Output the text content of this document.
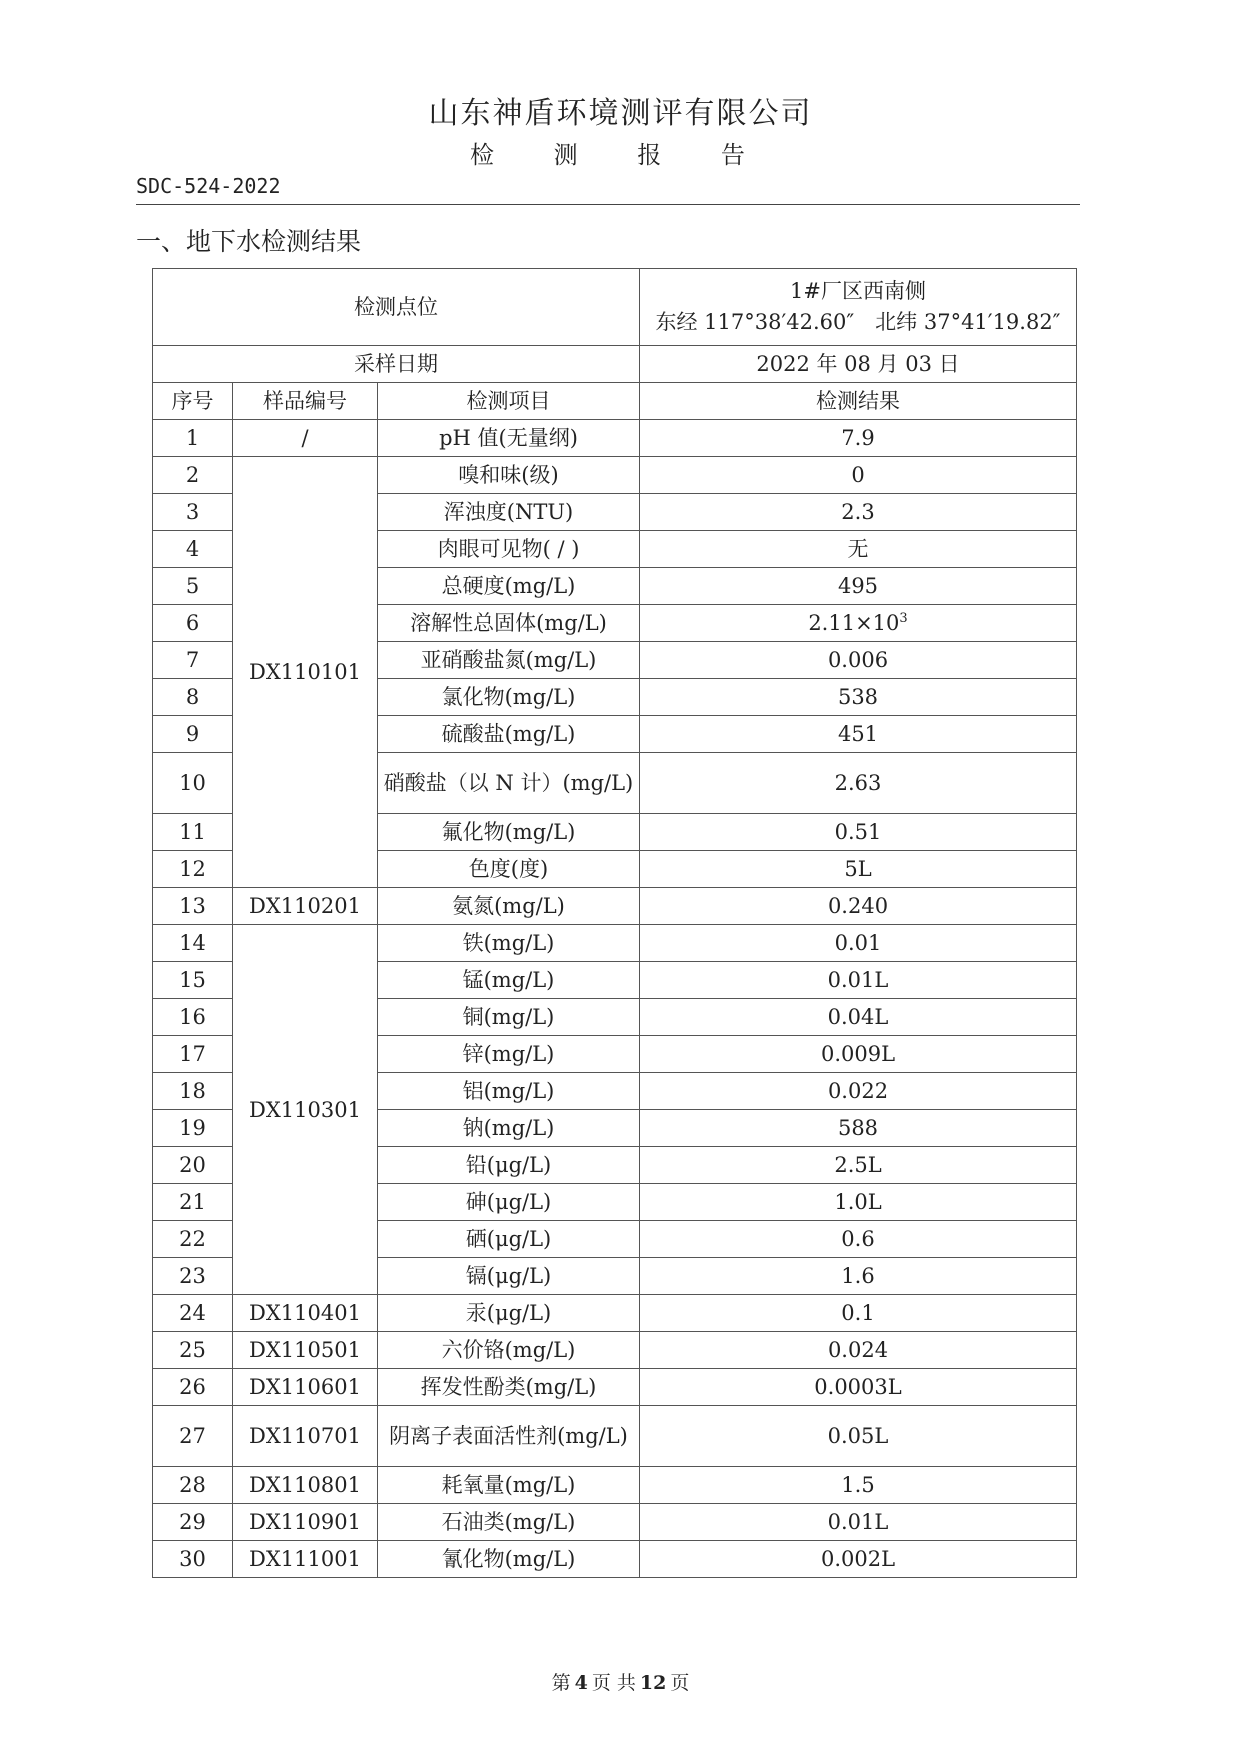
山东神盾环境测评有限公司
检 测 报 告
SDC-524-2022
一、地下水检测结果
检测点位			1#厂区西南侧
东经 117°38′42.60″　北纬 37°41′19.82″

采样日期			2022 年 08 月 03 日
序号	样品编号	检测项目	检测结果
1	/	pH 值(无量纲)	7.9
2	DX110101	嗅和味(级)	0
3		浑浊度(NTU)	2.3
4		肉眼可见物( / )	无
5		总硬度(mg/L)	495
6		溶解性总固体(mg/L)	$2.11\times 10^3$
7		亚硝酸盐氮(mg/L)	0.006
8		氯化物(mg/L)	538
9		硫酸盐(mg/L)	451
10		硝酸盐（以 N 计）(mg/L)	2.63
11		氟化物(mg/L)	0.51
12		色度(度)	5L
13	DX110201	氨氮(mg/L)	0.240
14	DX110301	铁(mg/L)	0.01
15		锰(mg/L)	0.01L
16		铜(mg/L)	0.04L
17		锌(mg/L)	0.009L
18		铝(mg/L)	0.022
19		钠(mg/L)	588
20		铅(μg/L)	2.5L
21		砷(μg/L)	1.0L
22		硒(μg/L)	0.6
23		镉(μg/L)	1.6
24	DX110401	汞(μg/L)	0.1
25	DX110501	六价铬(mg/L)	0.024
26	DX110601	挥发性酚类(mg/L)	0.0003L
27	DX110701	阴离子表面活性剂(mg/L)	0.05L
28	DX110801	耗氧量(mg/L)	1.5
29	DX110901	石油类(mg/L)	0.01L
30	DX111001	氰化物(mg/L)	0.002L
第 4 页 共 12 页
